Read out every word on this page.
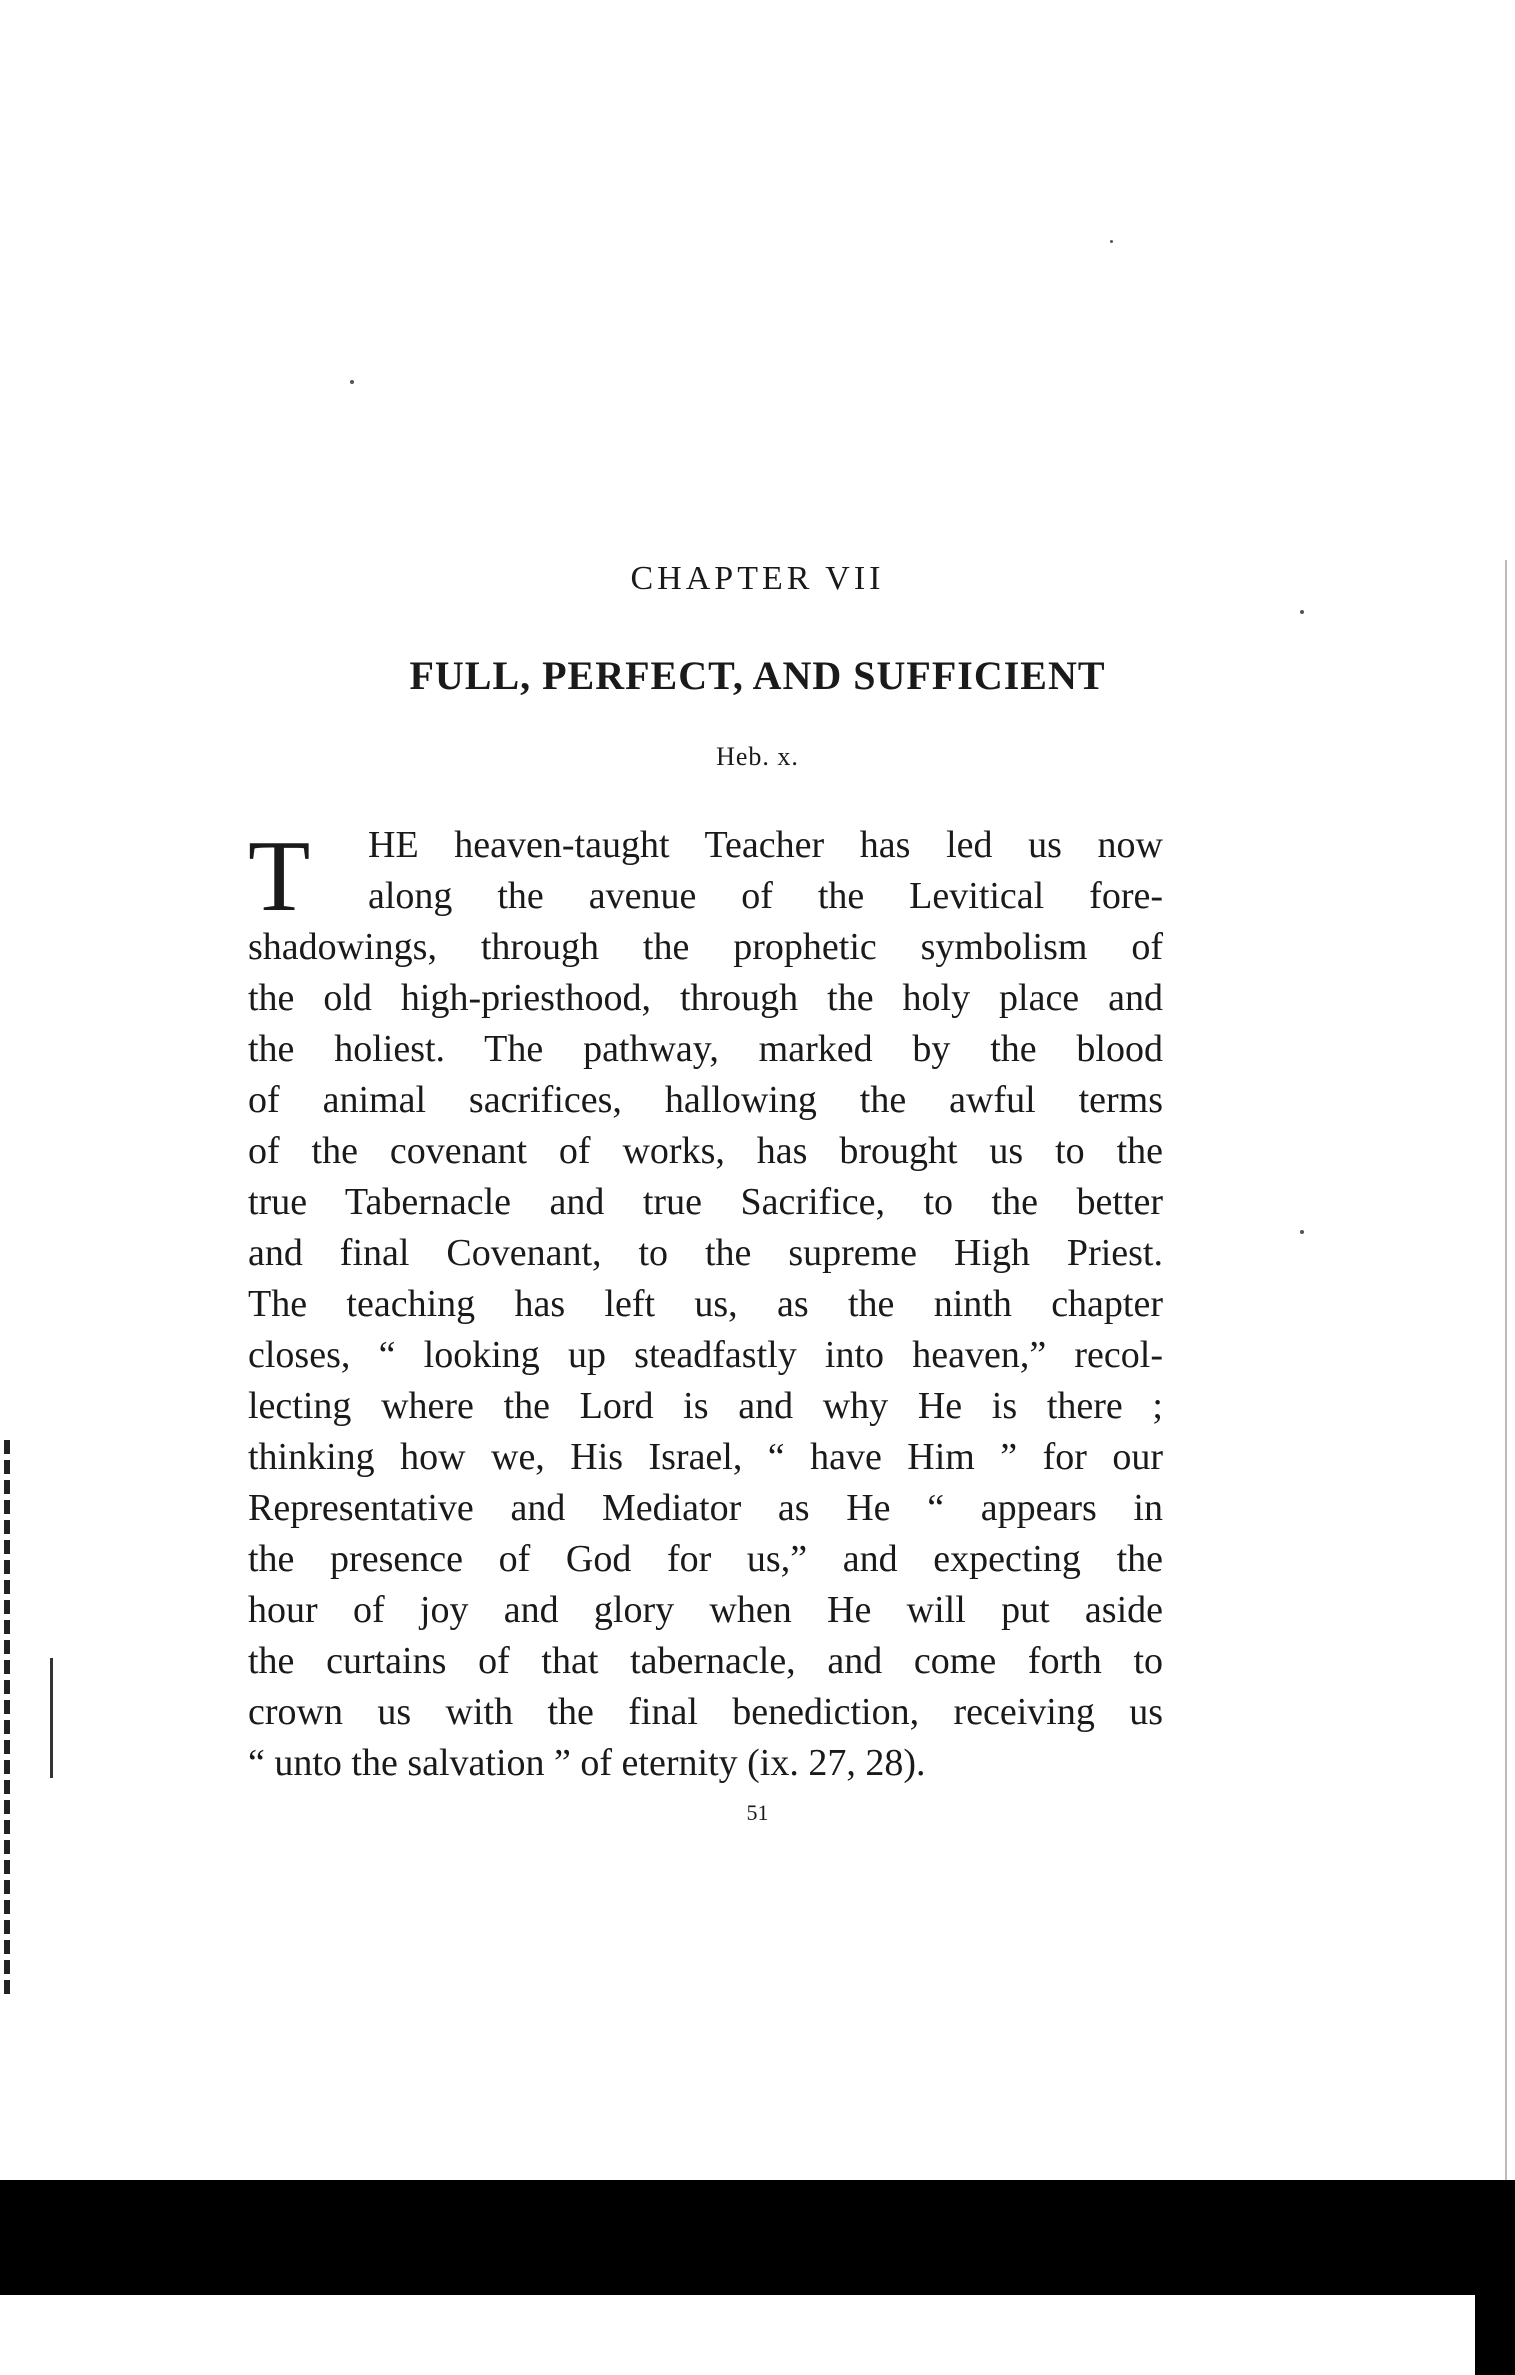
CHAPTER VII
FULL, PERFECT, AND SUFFICIENT
Heb. x.
T	HE heaven-taught Teacher has led us now
along the avenue of the Levitical fore-
shadowings, through the prophetic symbolism of
the old high-priesthood, through the holy place and
the holiest. The pathway, marked by the blood
of animal sacrifices, hallowing the awful terms
of the covenant of works, has brought us to the
true Tabernacle and true Sacrifice, to the better
and final Covenant, to the supreme High Priest.
The teaching has left us, as the ninth chapter
closes, “ looking up steadfastly into heaven,” recol-
lecting where the Lord is and why He is there ;
thinking how we, His Israel, “ have Him ” for our
Representative and Mediator as He “ appears in
the presence of God for us,” and expecting the
hour of joy and glory when He will put aside
the curtains of that tabernacle, and come forth to
crown us with the final benediction, receiving us
“ unto the salvation ” of eternity (ix. 27, 28).
51
